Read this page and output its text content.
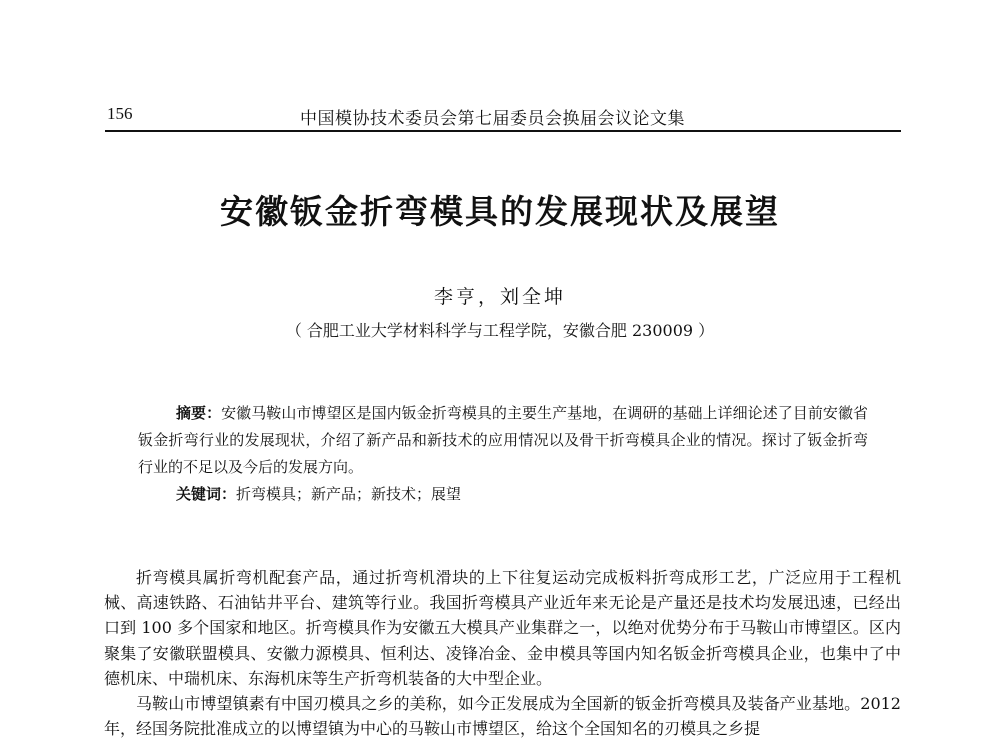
156	中国模协技术委员会第七届委员会换届会议论文集
安徽钣金折弯模具的发展现状及展望
李亨，刘全坤
（ 合肥工业大学材料科学与工程学院，安徽合肥 230009 ）

摘要：安徽马鞍山市博望区是国内钣金折弯模具的主要生产基地，在调研的基础上详细论述了目前安徽省钣金折弯行业的发展现状，介绍了新产品和新技术的应用情况以及骨干折弯模具企业的情况。探讨了钣金折弯行业的不足以及今后的发展方向。

关键词：折弯模具；新产品；新技术；展望

折弯模具属折弯机配套产品，通过折弯机滑块的上下往复运动完成板料折弯成形工艺，广泛应用于工程机械、高速铁路、石油钻井平台、建筑等行业。我国折弯模具产业近年来无论是产量还是技术均发展迅速，已经出口到 100 多个国家和地区。折弯模具作为安徽五大模具产业集群之一，以绝对优势分布于马鞍山市博望区。区内聚集了安徽联盟模具、安徽力源模具、恒利达、凌锋冶金、金申模具等国内知名钣金折弯模具企业，也集中了中德机床、中瑞机床、东海机床等生产折弯机装备的大中型企业。

马鞍山市博望镇素有中国刃模具之乡的美称，如今正发展成为全国新的钣金折弯模具及装备产业基地。2012 年，经国务院批准成立的以博望镇为中心的马鞍山市博望区，给这个全国知名的刃模具之乡提
